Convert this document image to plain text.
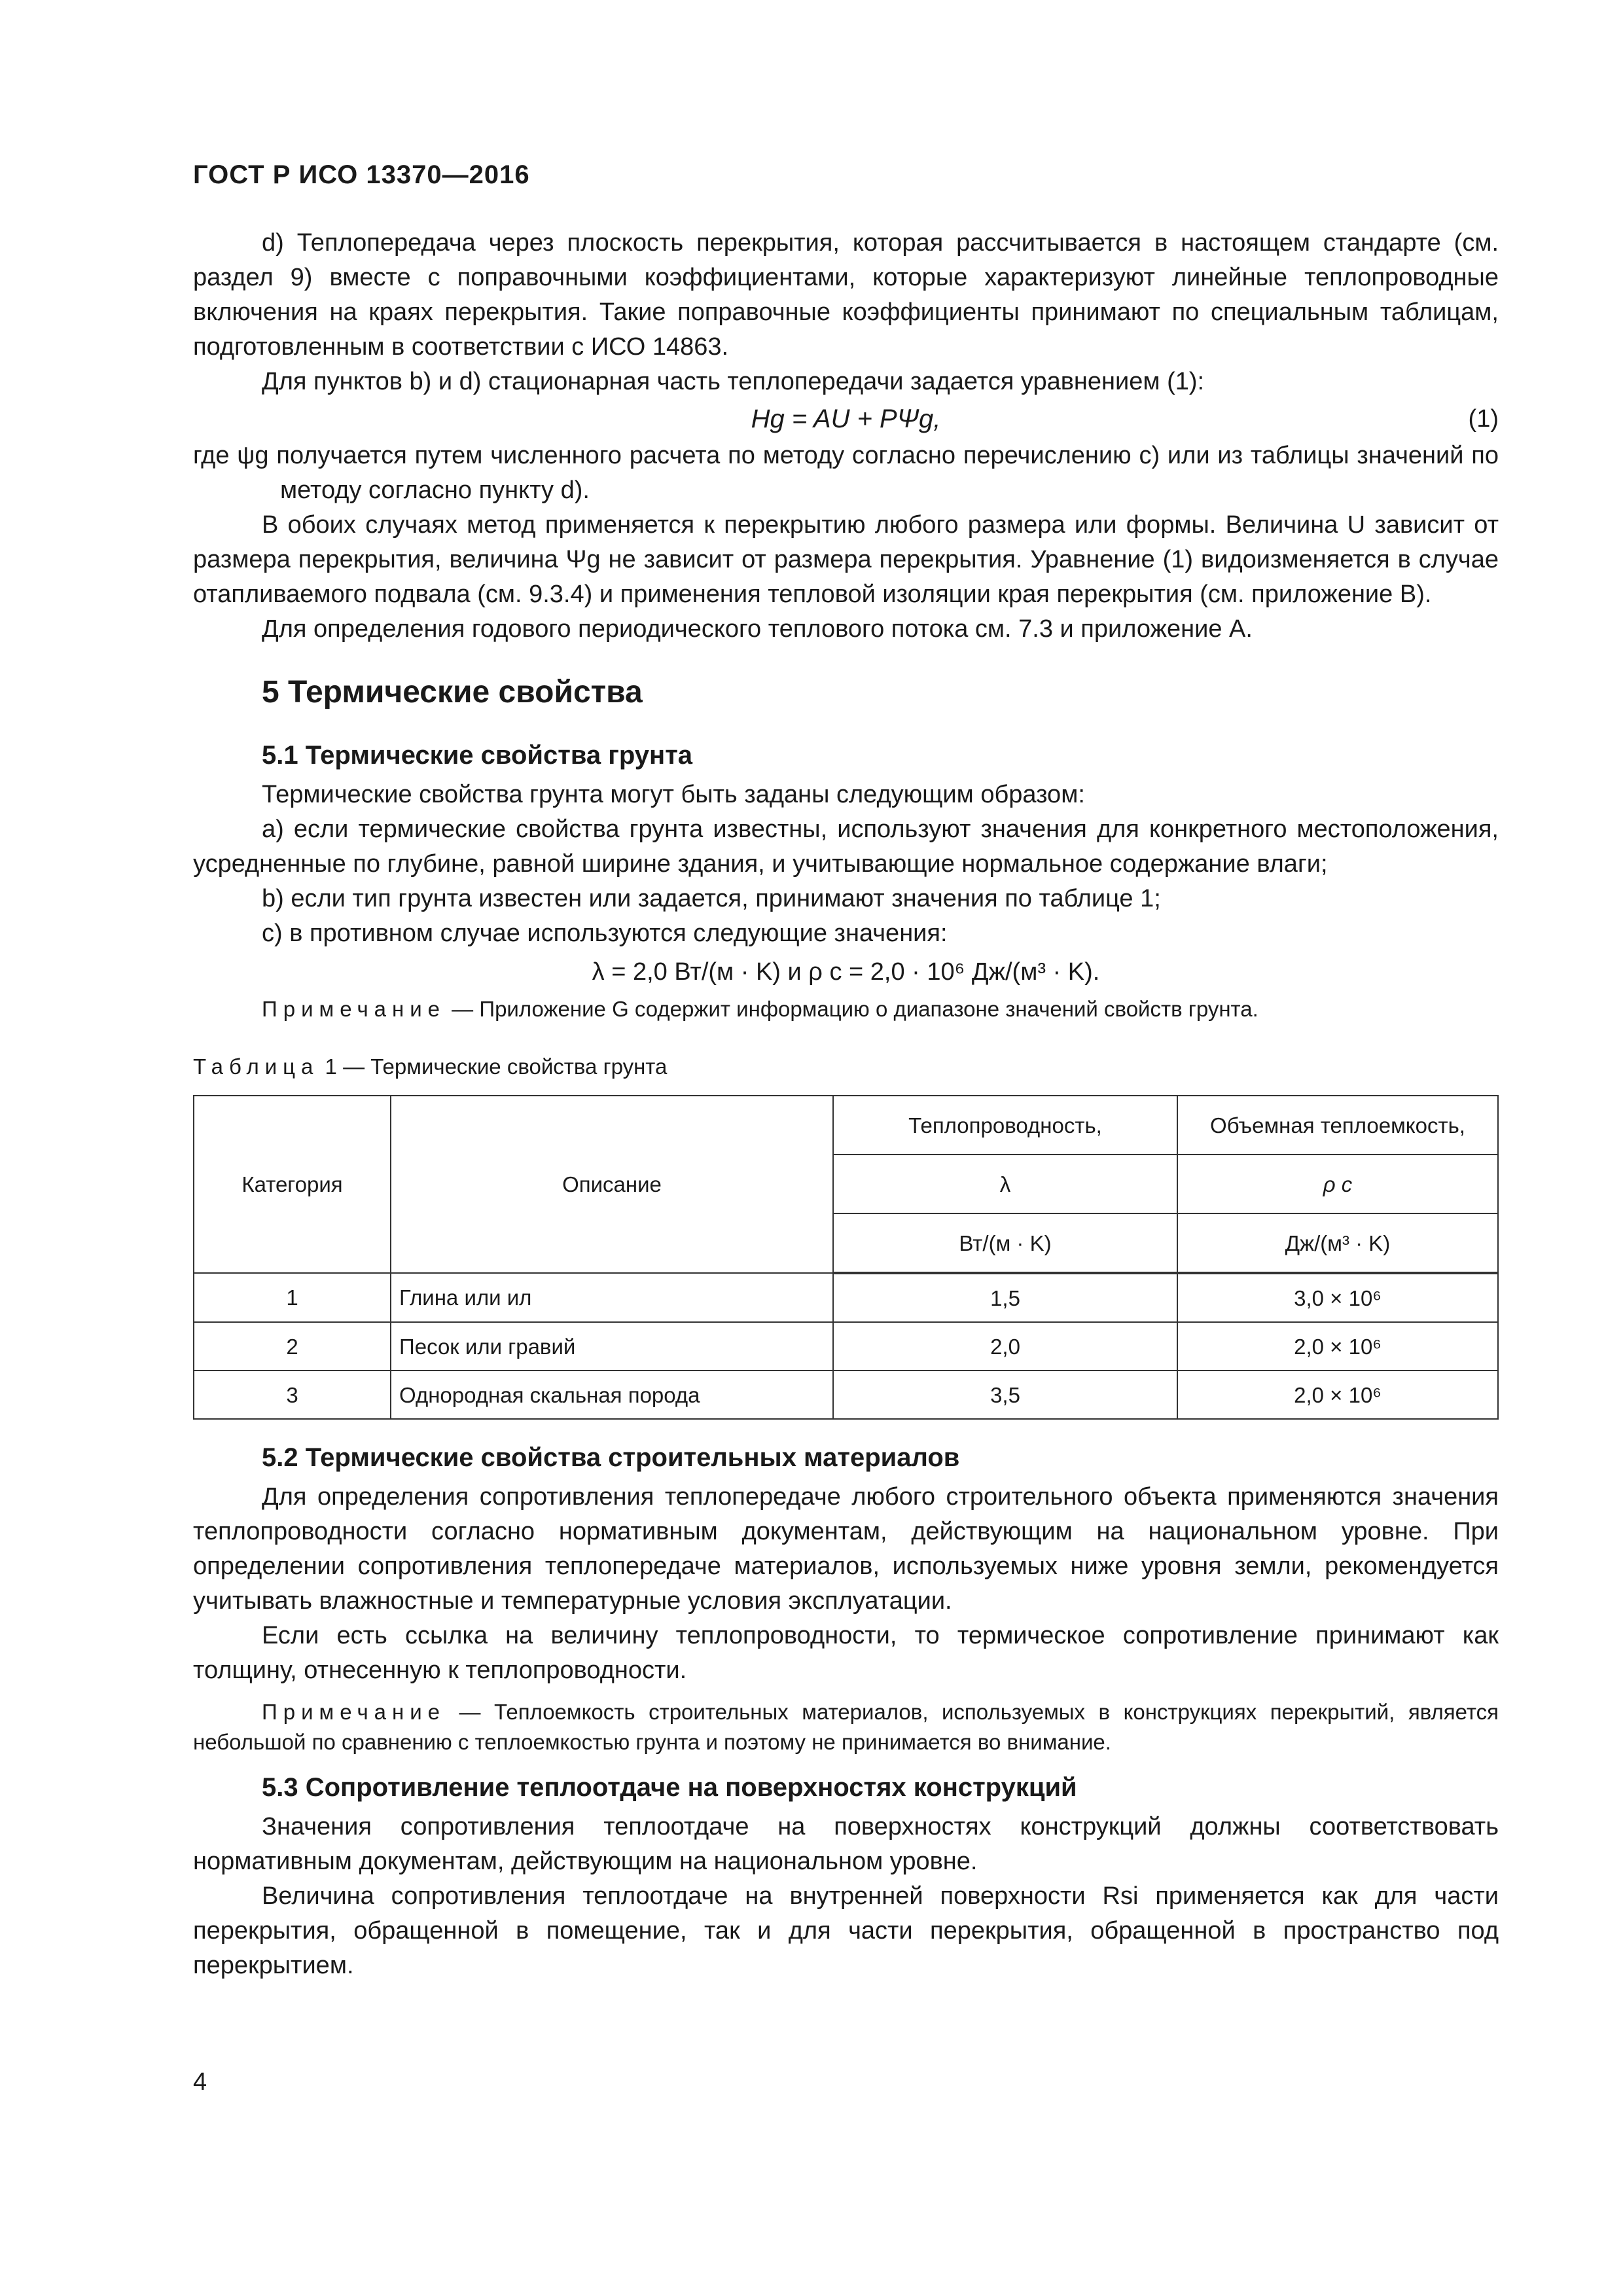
ГОСТ Р ИСО 13370—2016

d) Теплопередача через плоскость перекрытия, которая рассчитывается в настоящем стандарте (см. раздел 9) вместе с поправочными коэффициентами, которые характеризуют линейные теплопроводные включения на краях перекрытия. Такие поправочные коэффициенты принимают по специальным таблицам, подготовленным в соответствии с ИСО 14863.

Для пунктов b) и d) стационарная часть теплопередачи задается уравнением (1):

Hg = AU + PΨg,	(1)

где ψg получается путем численного расчета по методу согласно перечислению с) или из таблицы значений по методу согласно пункту d).

В обоих случаях метод применяется к перекрытию любого размера или формы. Величина U зависит от размера перекрытия, величина Ψg не зависит от размера перекрытия. Уравнение (1) видоизменяется в случае отапливаемого подвала (см. 9.3.4) и применения тепловой изоляции края перекрытия (см. приложение В).

Для определения годового периодического теплового потока см. 7.3 и приложение А.

5 Термические свойства
5.1 Термические свойства грунта

Термические свойства грунта могут быть заданы следующим образом:

a) если термические свойства грунта известны, используют значения для конкретного местоположения, усредненные по глубине, равной ширине здания, и учитывающие нормальное содержание влаги;

b) если тип грунта известен или задается, принимают значения по таблице 1;

c) в противном случае используются следующие значения:

λ = 2,0 Вт/(м · K) и ρ c = 2,0 · 10⁶ Дж/(м³ · K).

Примечание — Приложение G содержит информацию о диапазоне значений свойств грунта.

Таблица 1 — Термические свойства грунта
Категория	Описание	Теплопроводность,	Объемная теплоемкость,
		λ	ρ c
		Вт/(м · K)	Дж/(м³ · K)
1	Глина или ил	1,5	3,0 × 10⁶
2	Песок или гравий	2,0	2,0 × 10⁶
3	Однородная скальная порода	3,5	2,0 × 10⁶
5.2 Термические свойства строительных материалов

Для определения сопротивления теплопередаче любого строительного объекта применяются значения теплопроводности согласно нормативным документам, действующим на национальном уровне. При определении сопротивления теплопередаче материалов, используемых ниже уровня земли, рекомендуется учитывать влажностные и температурные условия эксплуатации.

Если есть ссылка на величину теплопроводности, то термическое сопротивление принимают как толщину, отнесенную к теплопроводности.

Примечание — Теплоемкость строительных материалов, используемых в конструкциях перекрытий, является небольшой по сравнению с теплоемкостью грунта и поэтому не принимается во внимание.

5.3 Сопротивление теплоотдаче на поверхностях конструкций

Значения сопротивления теплоотдаче на поверхностях конструкций должны соответствовать нормативным документам, действующим на национальном уровне.

Величина сопротивления теплоотдаче на внутренней поверхности Rsi применяется как для части перекрытия, обращенной в помещение, так и для части перекрытия, обращенной в пространство под перекрытием.

4
